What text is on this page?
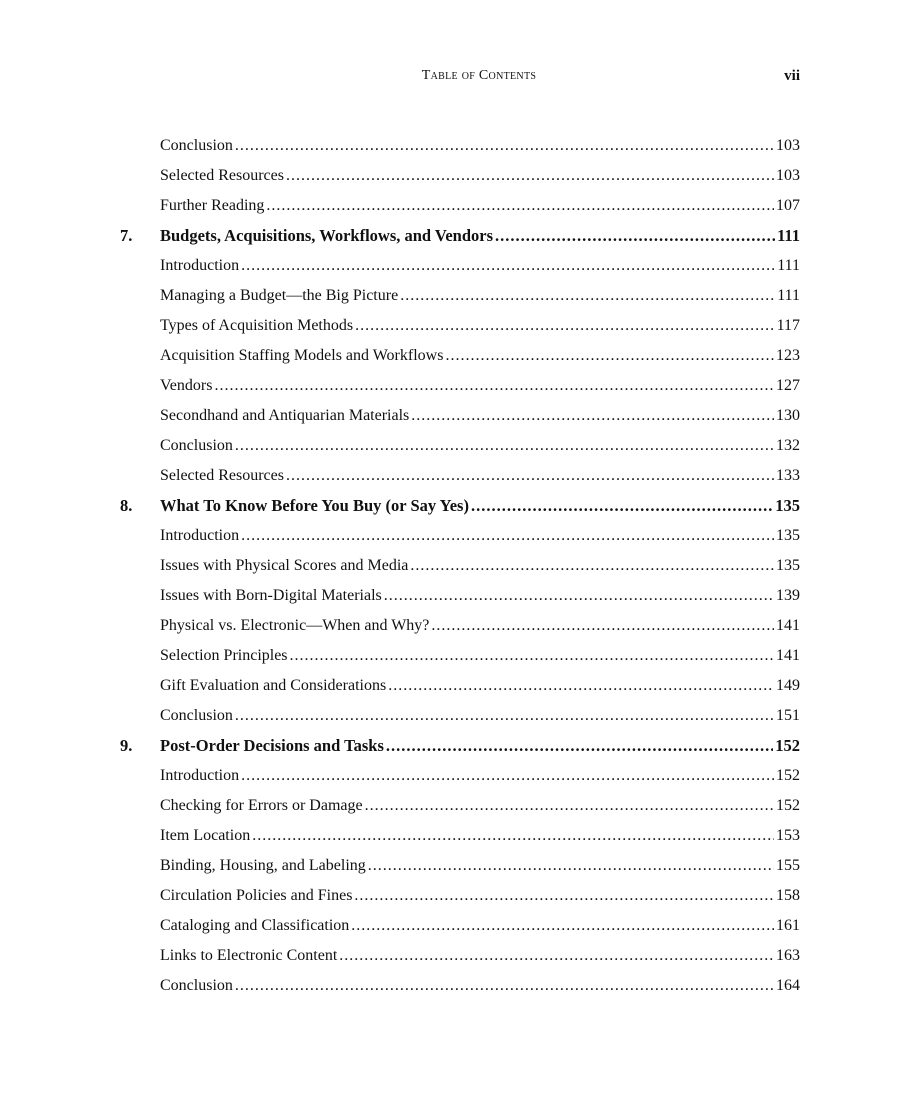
Table of Contents	vii
Conclusion .....	103
Selected Resources .....	103
Further Reading .....	107
7. Budgets, Acquisitions, Workflows, and Vendors .....	111
Introduction .....	111
Managing a Budget—the Big Picture .....	111
Types of Acquisition Methods .....	117
Acquisition Staffing Models and Workflows .....	123
Vendors .....	127
Secondhand and Antiquarian Materials .....	130
Conclusion .....	132
Selected Resources .....	133
8. What To Know Before You Buy (or Say Yes) .....	135
Introduction .....	135
Issues with Physical Scores and Media .....	135
Issues with Born-Digital Materials .....	139
Physical vs. Electronic—When and Why? .....	141
Selection Principles .....	141
Gift Evaluation and Considerations .....	149
Conclusion .....	151
9. Post-Order Decisions and Tasks .....	152
Introduction .....	152
Checking for Errors or Damage .....	152
Item Location .....	153
Binding, Housing, and Labeling .....	155
Circulation Policies and Fines .....	158
Cataloging and Classification .....	161
Links to Electronic Content .....	163
Conclusion .....	164
